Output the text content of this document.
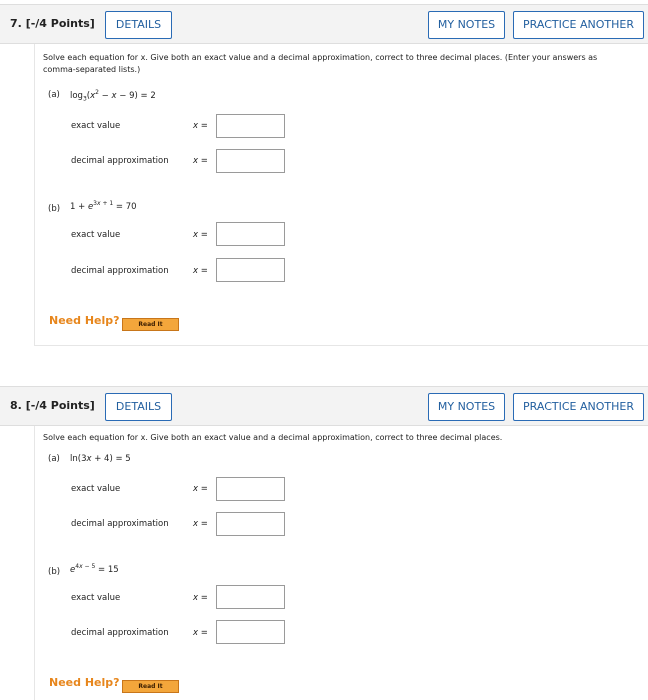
7. [-/4 Points]	DETAILS	MY NOTES	PRACTICE ANOTHER
Solve each equation for x. Give both an exact value and a decimal approximation, correct to three decimal places. (Enter your answers as comma-separated lists.)
(a) $\log_3(x^2 - x - 9) = 2$
exact value	x =
decimal approximation	x =
(b) $1 + e^{3x + 1} = 70$
exact value	x =
decimal approximation	x =
Need Help?	Read It
8. [-/4 Points]	DETAILS	MY NOTES	PRACTICE ANOTHER
Solve each equation for x. Give both an exact value and a decimal approximation, correct to three decimal places.
(a) ln(3x + 4) = 5
exact value	x =
decimal approximation	x =
(b) $e^{4x - 5} = 15$
exact value	x =
decimal approximation	x =
Need Help?	Read It
